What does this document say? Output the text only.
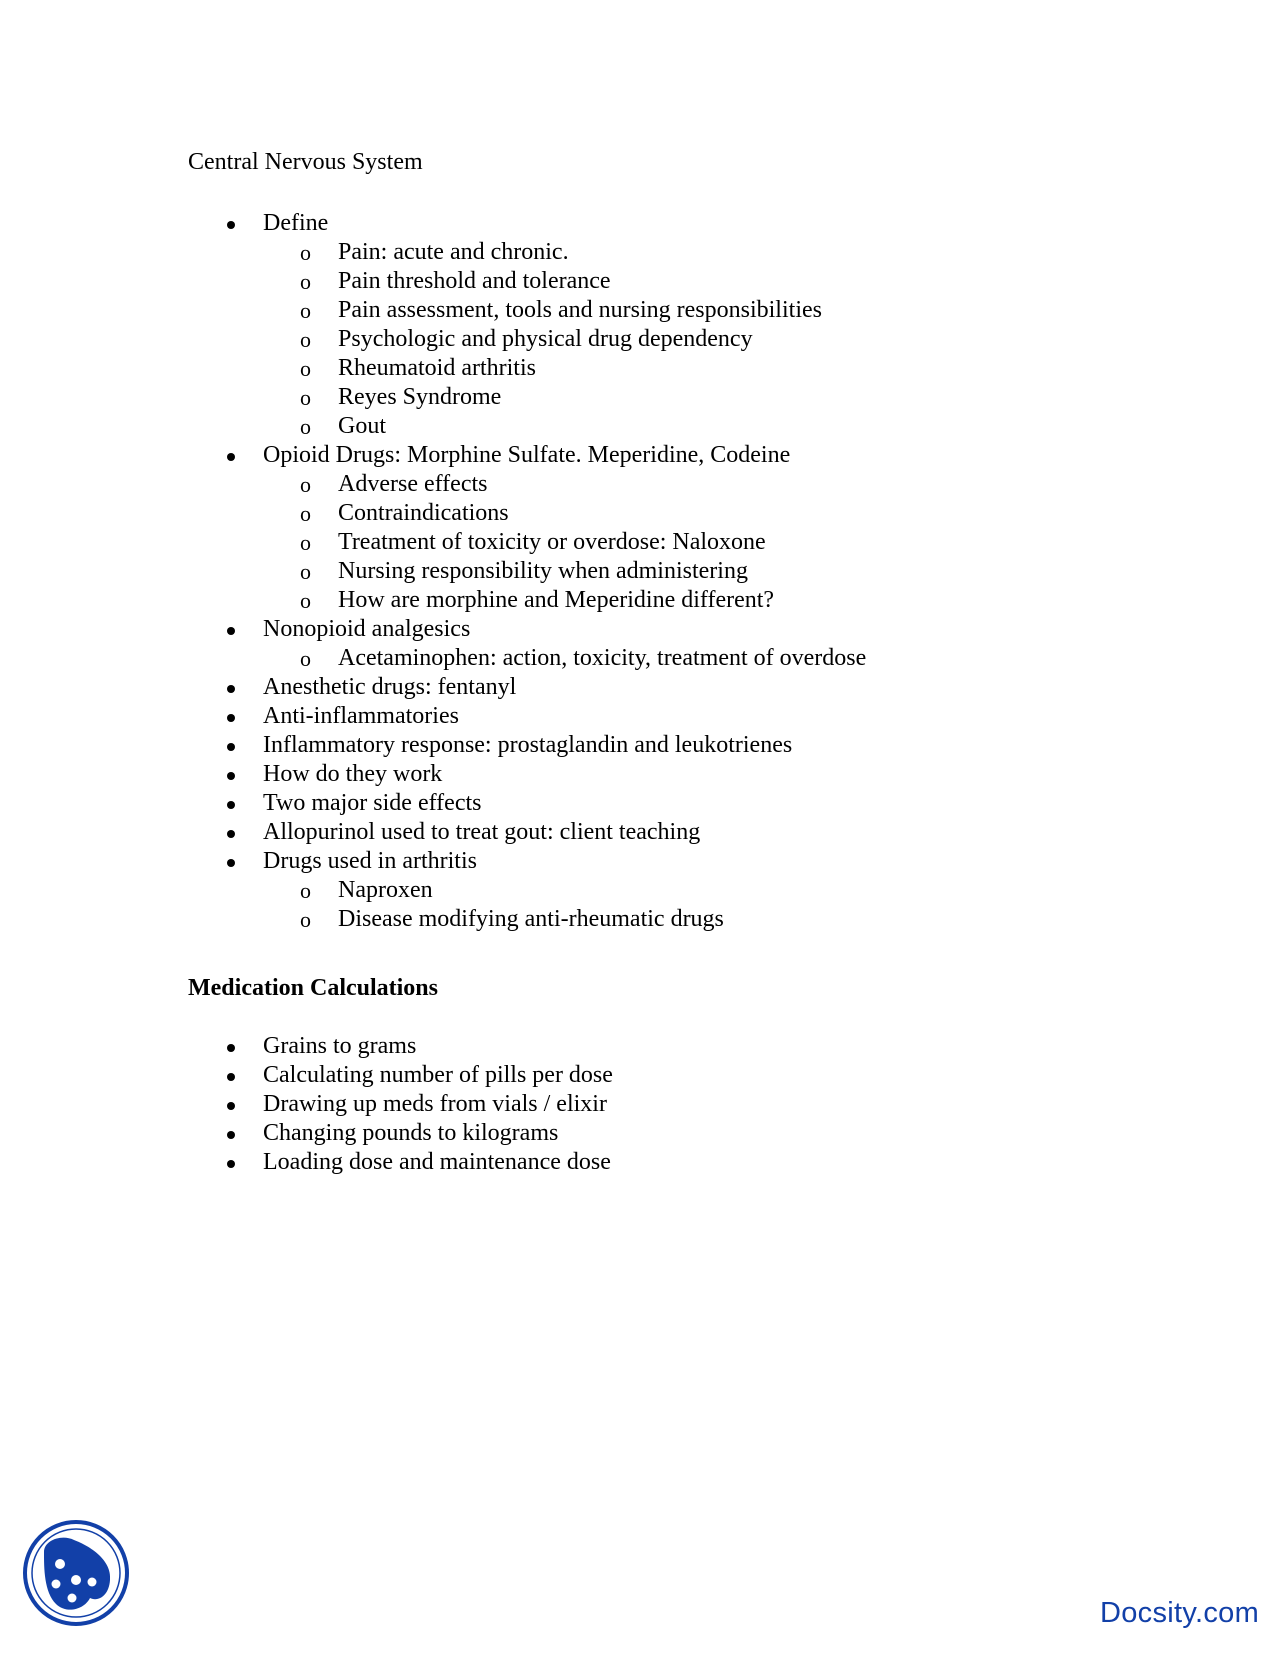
Central Nervous System
Define
o Pain: acute and chronic.
o Pain threshold and tolerance
o Pain assessment, tools and nursing responsibilities
o Psychologic and physical drug dependency
o Rheumatoid arthritis
o Reyes Syndrome
o Gout
Opioid Drugs: Morphine Sulfate. Meperidine, Codeine
o Adverse effects
o Contraindications
o Treatment of toxicity or overdose: Naloxone
o Nursing responsibility when administering
o How are morphine and Meperidine different?
Nonopioid analgesics
o Acetaminophen: action, toxicity, treatment of overdose
Anesthetic drugs: fentanyl
Anti-inflammatories
Inflammatory response: prostaglandin and leukotrienes
How do they work
Two major side effects
Allopurinol used to treat gout: client teaching
Drugs used in arthritis
o Naproxen
o Disease modifying anti-rheumatic drugs
Medication Calculations
Grains to grams
Calculating number of pills per dose
Drawing up meds from vials / elixir
Changing pounds to kilograms
Loading dose and maintenance dose
Docsity.com
